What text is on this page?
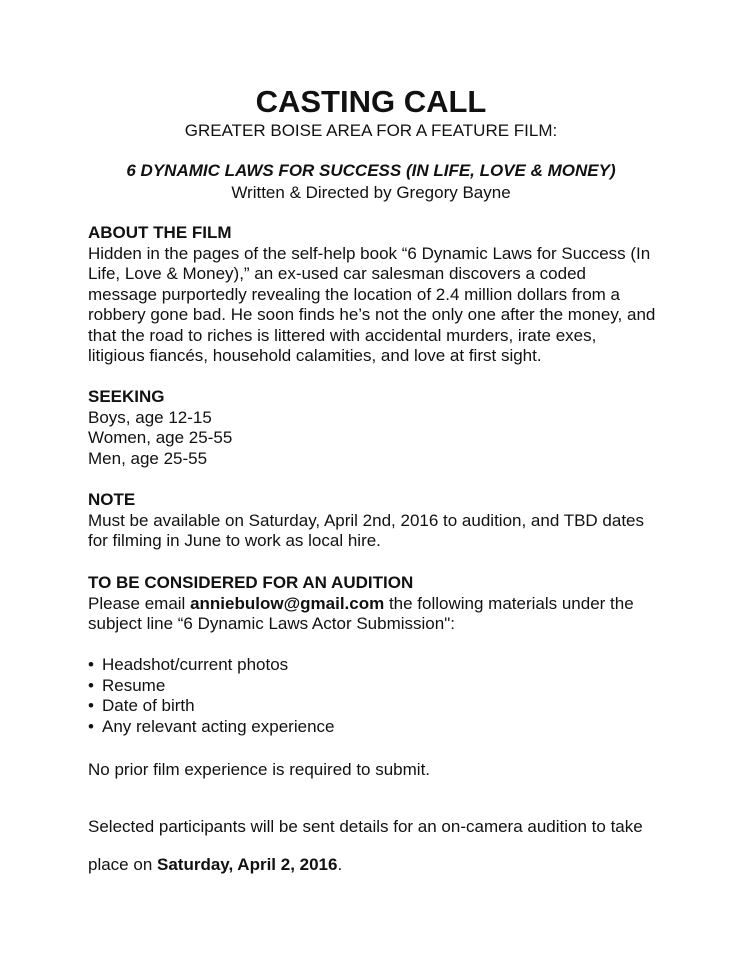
CASTING CALL
GREATER BOISE AREA FOR A FEATURE FILM:
6 DYNAMIC LAWS FOR SUCCESS (IN LIFE, LOVE & MONEY)
Written & Directed by Gregory Bayne
ABOUT THE FILM

Hidden in the pages of the self-help book “6 Dynamic Laws for Success (In

Life, Love & Money),” an ex-used car salesman discovers a coded

message purportedly revealing the location of 2.4 million dollars from a

robbery gone bad. He soon finds he’s not the only one after the money, and

that the road to riches is littered with accidental murders, irate exes,

litigious fiancés, household calamities, and love at first sight.

SEEKING

Boys, age 12-15

Women, age 25-55

Men, age 25-55

NOTE

Must be available on Saturday, April 2nd, 2016 to audition, and TBD dates

for filming in June to work as local hire.

TO BE CONSIDERED FOR AN AUDITION

Please email anniebulow@gmail.com the following materials under the

subject line “6 Dynamic Laws Actor Submission":

• Headshot/current photos
• Resume
• Date of birth
• Any relevant acting experience
No prior film experience is required to submit.

Selected participants will be sent details for an on-camera audition to take

place on Saturday, April 2, 2016.
